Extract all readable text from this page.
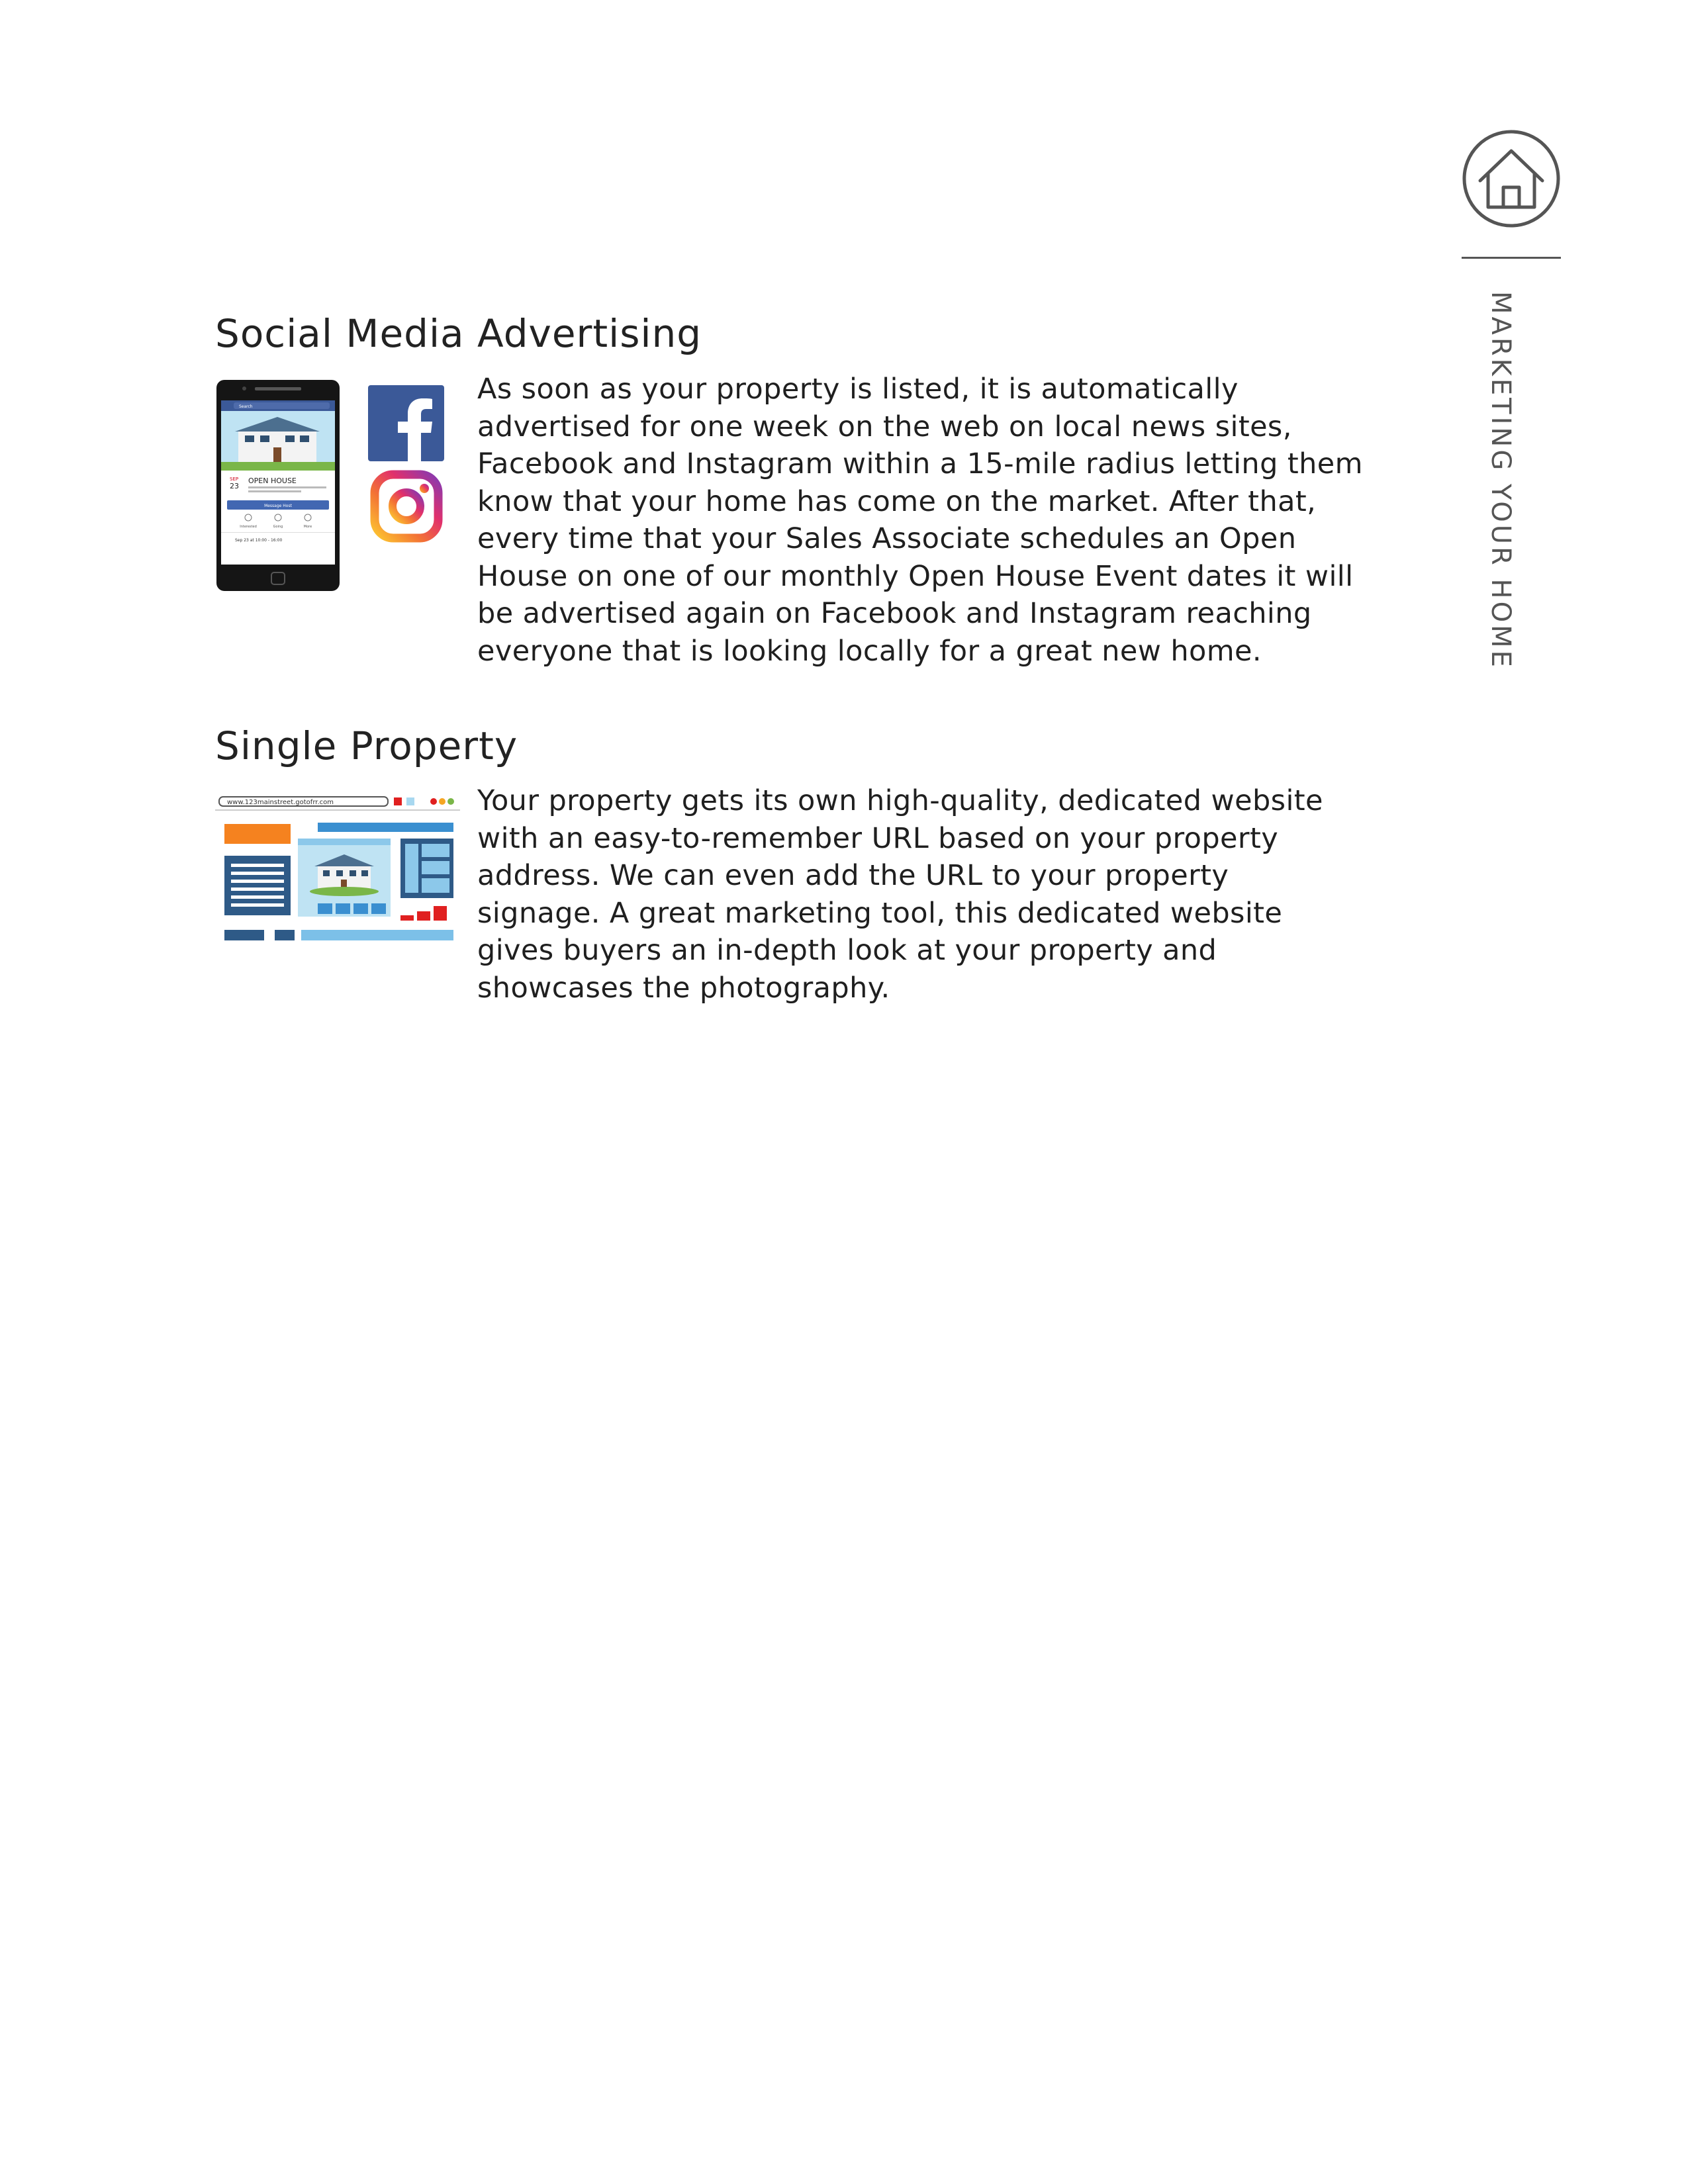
MARKETING YOUR HOME
Social Media Advertising
Search
SEP
23
OPEN HOUSE
Message Host
Interested	Going	More
Sep 23 at 10:00 - 16:00

As soon as your property is listed, it is automatically
advertised for one week on the web on local news sites,
Facebook and Instagram within a 15-mile radius letting them
know that your home has come on the market. After that,
every time that your Sales Associate schedules an Open
House on one of our monthly Open House Event dates it will
be advertised again on Facebook and Instagram reaching
everyone that is looking locally for a great new home.

Single Property
www.123mainstreet.gotofrr.com	Your property gets its own high-quality, dedicated website
with an easy-to-remember URL based on your property
address. We can even add the URL to your property
signage. A great marketing tool, this dedicated website
gives buyers an in-depth look at your property and
showcases the photography.
